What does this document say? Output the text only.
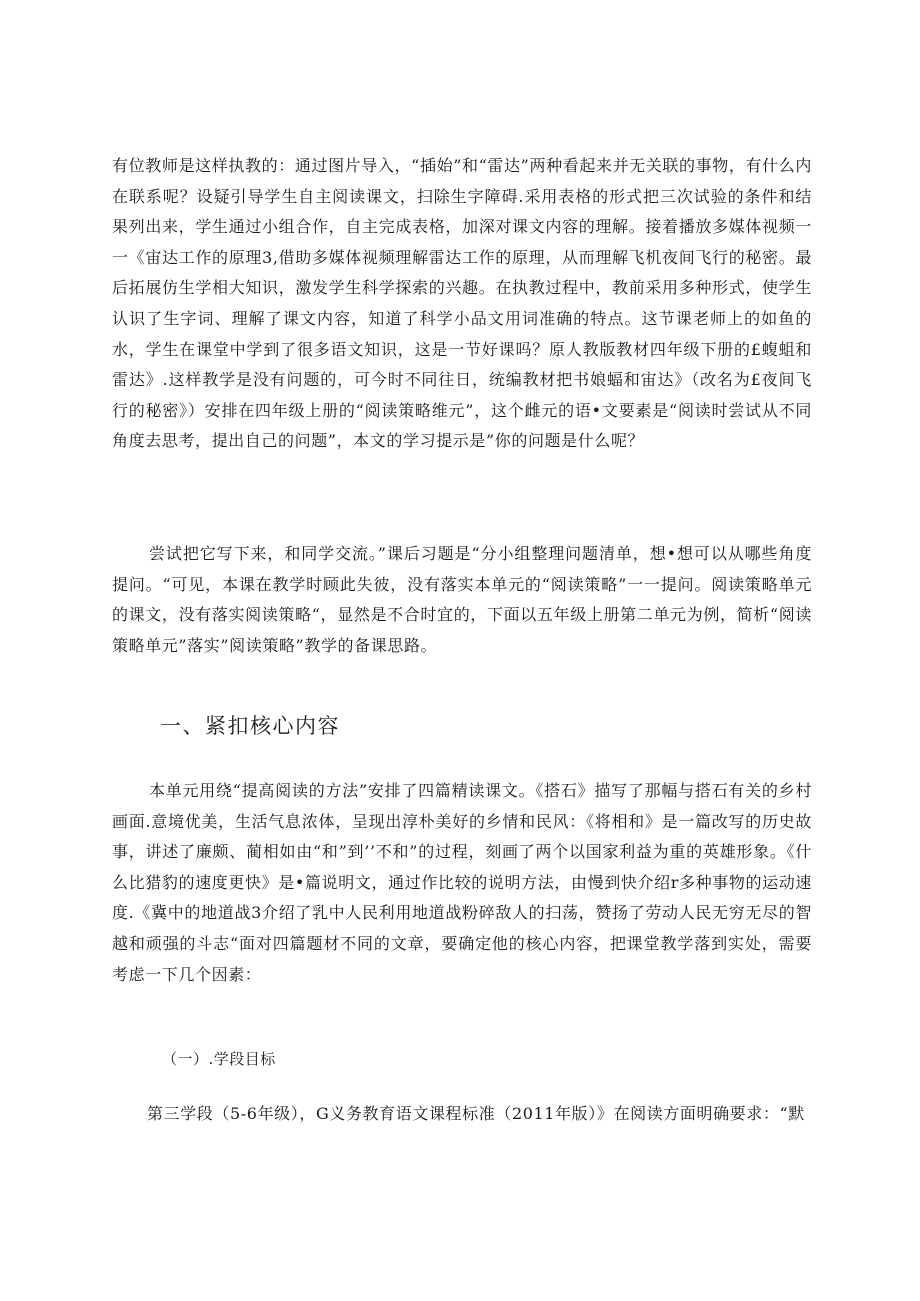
有位教师是这样执教的：通过图片导入，“插始”和“雷达”两种看起来并无关联的事物，有什么内在联系呢？设疑引导学生自主阅读课文，扫除生字障碍.采用表格的形式把三次试验的条件和结果列出来，学生通过小组合作，自主完成表格，加深对课文内容的理解。接着播放多媒体视频一一《宙达工作的原理3,借助多媒体视频理解雷达工作的原理，从而理解飞机夜间飞行的秘密。最后拓展仿生学相大知识，激发学生科学探索的兴趣。在执教过程中，教前采用多种形式，使学生认识了生字词、理解了课文内容，知道了科学小品文用词准确的特点。这节课老师上的如鱼的水，学生在课堂中学到了很多语文知识，这是一节好课吗？原人教版教材四年级下册的£蝮蛆和雷达》.这样教学是没有问题的，可今时不同往日，统编教材把书娘蝠和宙达》（改名为£夜间飞行的秘密》）安排在四年级上册的“阅读策略维元”，这个雌元的语•文要素是“阅读时尝试从不同角度去思考，提出自己的问题”，本文的学习提示是”你的问题是什么呢？

尝试把它写下来，和同学交流。”课后习题是“分小组整理问题清单，想•想可以从哪些角度提问。“可见，本课在教学时顾此失彼，没有落实本单元的“阅读策略”一一提问。阅读策略单元的课文，没有落实阅读策略“，显然是不合时宜的，下面以五年级上册第二单元为例，简析“阅读策略单元”落实”阅读策略”教学的备课思路。

一、紧扣核心内容

本单元用绕“提高阅读的方法”安排了四篇精读课文。《搭石》描写了那幅与搭石有关的乡村画面.意境优美，生活气息浓体，呈现出淳朴美好的乡情和民风：《将相和》是一篇改写的历史故事，讲述了廉颇、蔺相如由“和”到’’不和”的过程，刻画了两个以国家利益为重的英雄形象。《什么比猎豹的速度更快》是•篇说明文，通过作比较的说明方法，由慢到快介绍r多种事物的运动速度.《冀中的地道战3介绍了乳中人民利用地道战粉碎敌人的扫荡，赞扬了劳动人民无穷无尽的智越和顽强的斗志“面对四篇题材不同的文章，要确定他的核心内容，把课堂教学落到实处，需要考虑一下几个因素：

（一）.学段目标

第三学段（5-6年级），G义务教育语文课程标准（2011年版）》在阅读方面明确要求：“默
